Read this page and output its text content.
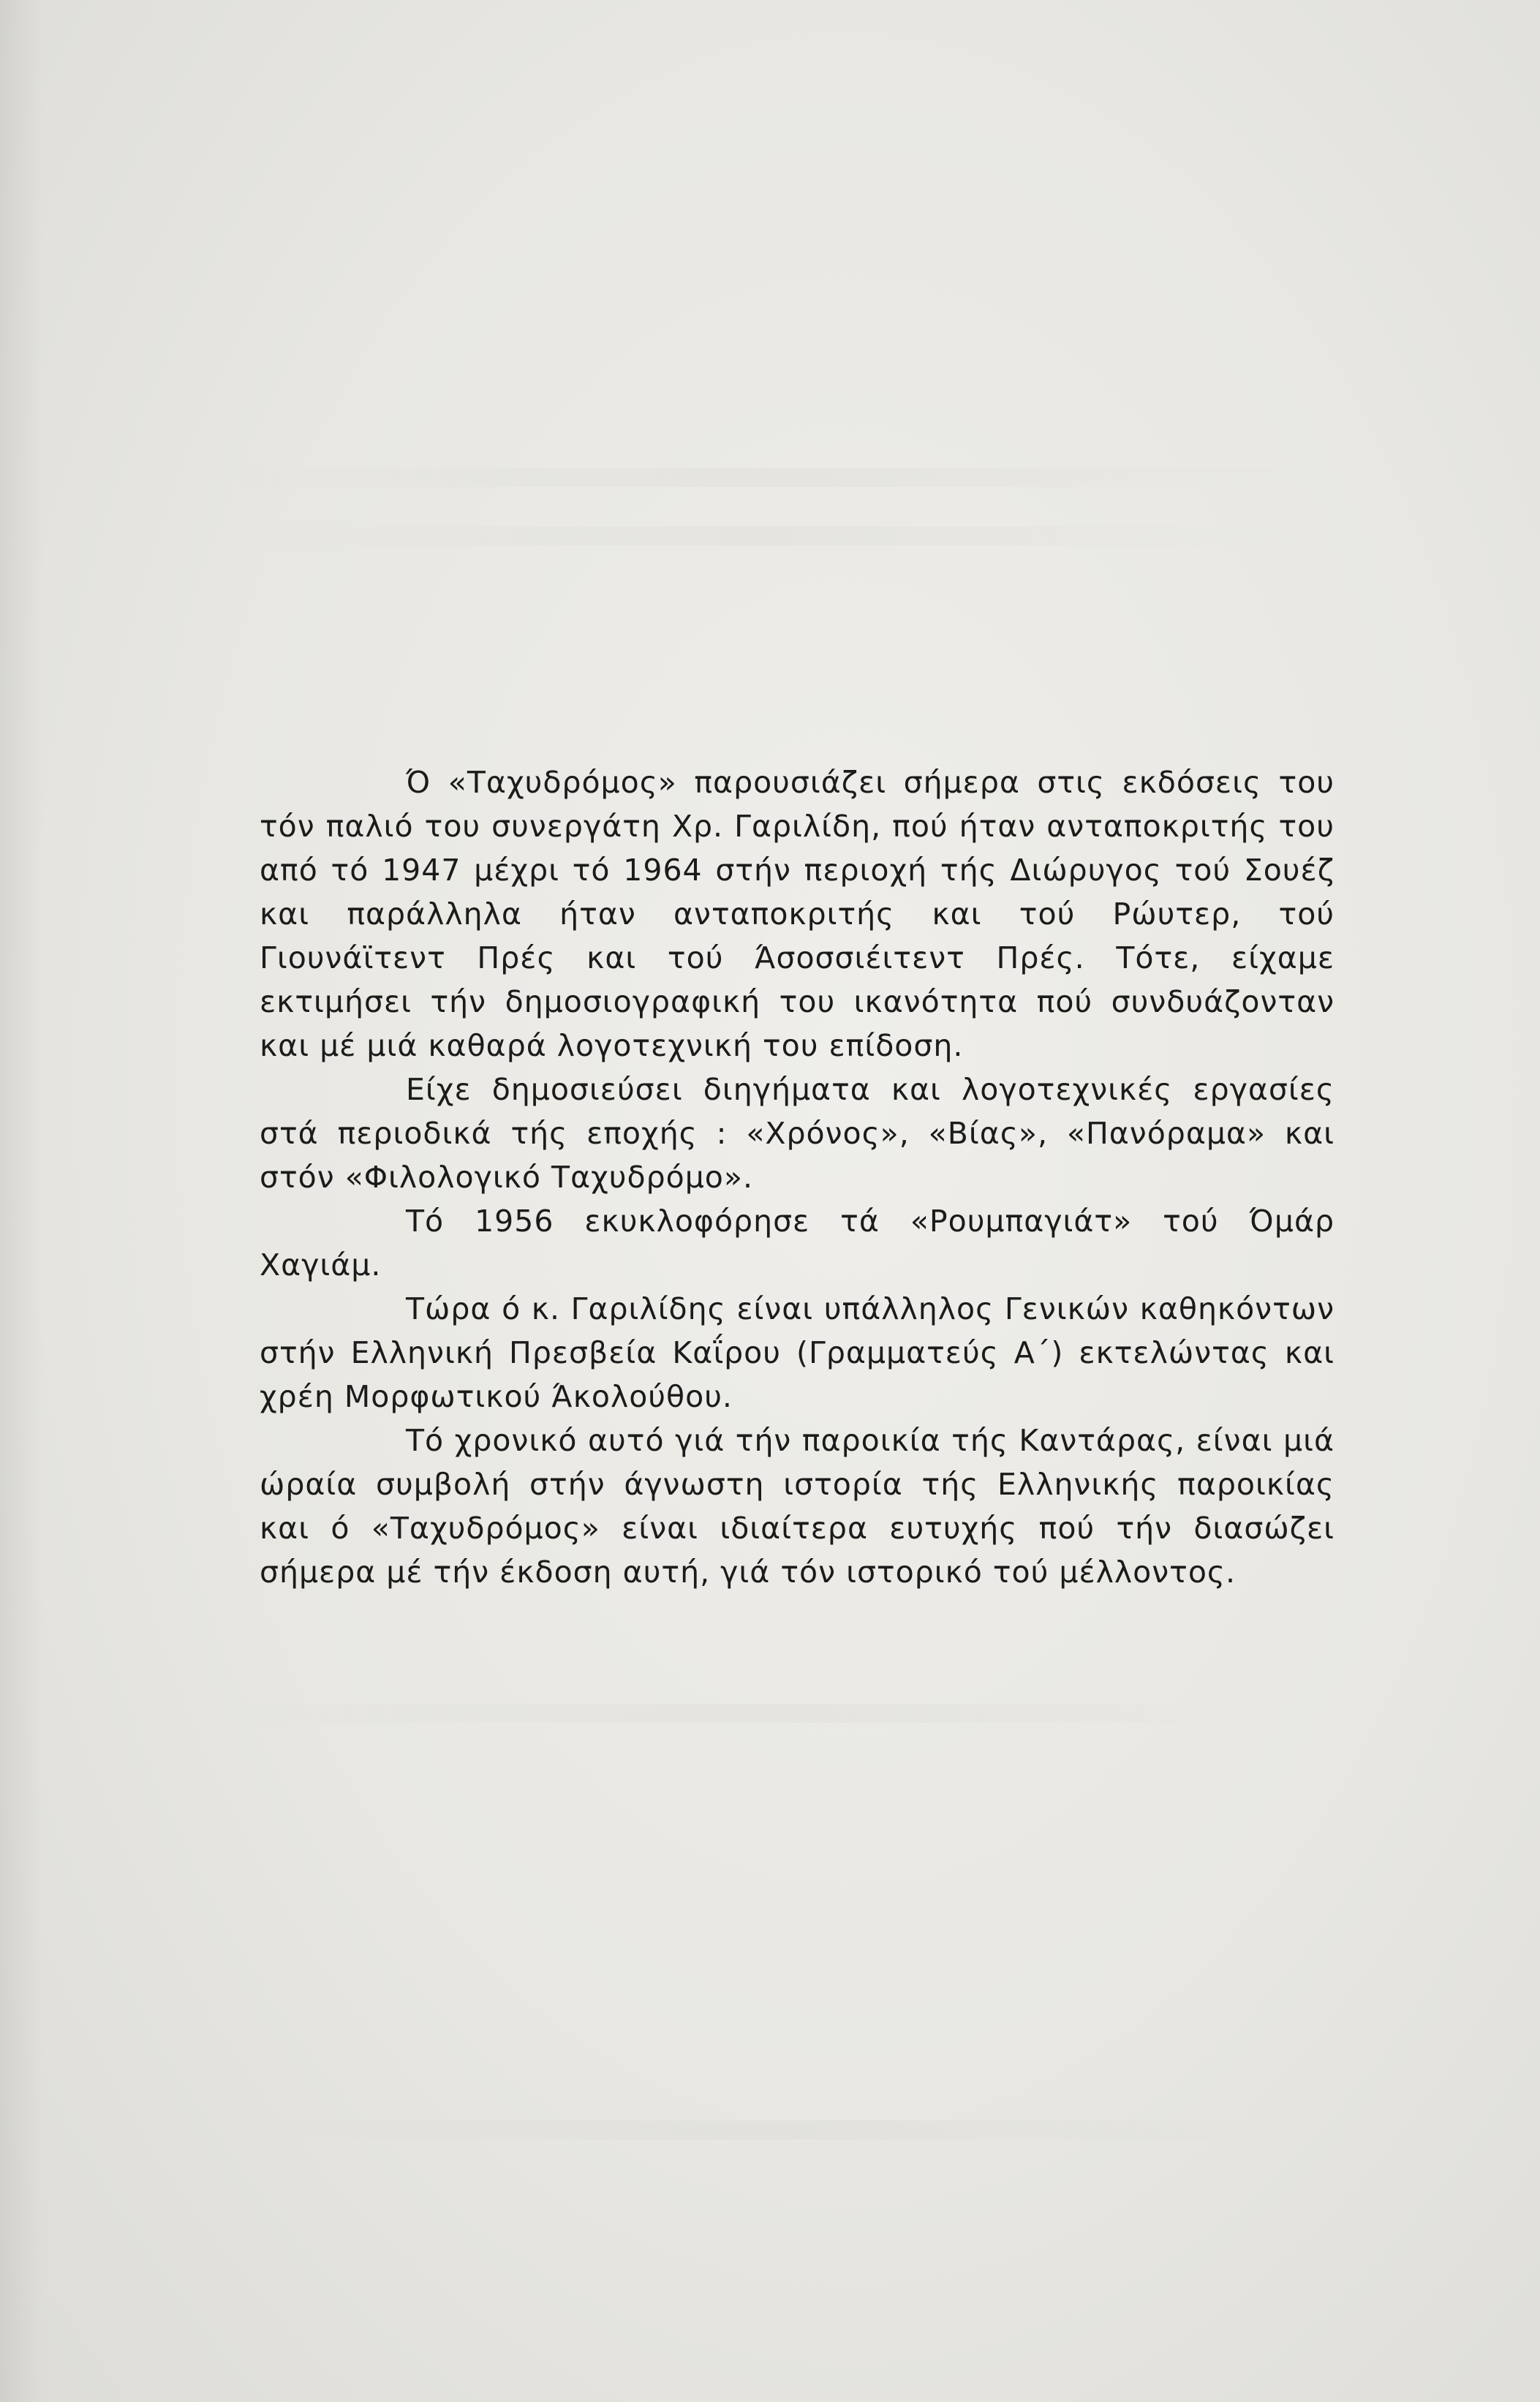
Ό «Ταχυδρόμος» παρουσιάζει σήμερα στις εκδόσεις του τόν παλιό του συνεργάτη Χρ. Γαριλίδη, πού ήταν ανταποκριτής του από τό 1947 μέχρι τό 1964 στήν περιοχή τής Διώρυγος τού Σουέζ και παράλληλα ήταν ανταποκριτής και τού Ρώυτερ, τού Γιουνάϊτεντ Πρές και τού Άσοσσιέιτεντ Πρές. Τότε, είχαμε εκτιμήσει τήν δημοσιογραφική του ικανότητα πού συνδυάζονταν και μέ μιά καθαρά λογοτεχνική του επίδοση.

Είχε δημοσιεύσει διηγήματα και λογοτεχνικές εργασίες στά περιοδικά τής εποχής : «Χρόνος», «Βίας», «Πανόραμα» και στόν «Φιλολογικό Ταχυδρόμο».

Τό 1956 εκυκλοφόρησε τά «Ρουμπαγιάτ» τού Όμάρ Χαγιάμ.

Τώρα ό κ. Γαριλίδης είναι υπάλληλος Γενικών καθηκόντων στήν Ελληνική Πρεσβεία Καΐρου (Γραμματεύς Α΄) εκτελώντας και χρέη Μορφωτικού Άκολούθου.

Τό χρονικό αυτό γιά τήν παροικία τής Καντάρας, είναι μιά ώραία συμβολή στήν άγνωστη ιστορία τής Ελληνικής παροικίας και ό «Ταχυδρόμος» είναι ιδιαίτερα ευτυχής πού τήν διασώζει σήμερα μέ τήν έκδοση αυτή, γιά τόν ιστορικό τού μέλλοντος.
